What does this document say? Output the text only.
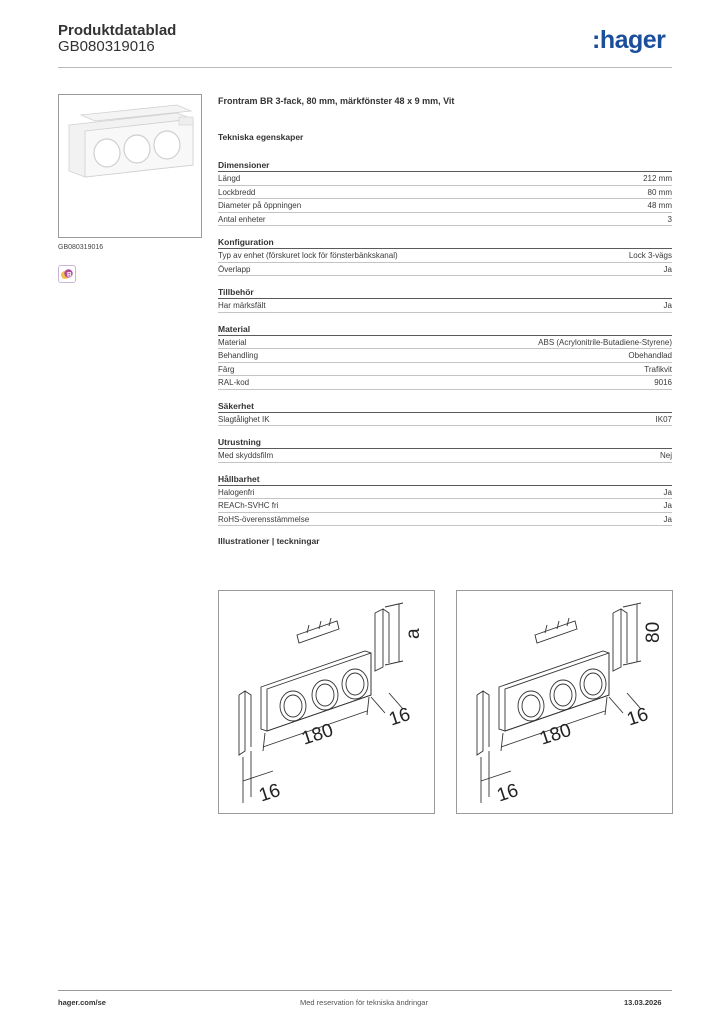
Produktdatablad
GB080319016	:hager
GB080319016
B
Frontram BR 3-fack, 80 mm, märkfönster 48 x 9 mm, Vit
Tekniska egenskaper
Dimensioner
Längd	212 mm
Lockbredd	80 mm
Diameter på öppningen	48 mm
Antal enheter	3
Konfiguration
Typ av enhet (förskuret lock för fönsterbänkskanal)	Lock 3-vägs
Överlapp	Ja
Tillbehör
Har märksfält	Ja
Material
Material	ABS (Acrylonitrile-Butadiene-Styrene)
Behandling	Obehandlad
Färg	Trafikvit
RAL-kod	9016
Säkerhet
Slagtålighet IK	IK07
Utrustning
Med skyddsfilm	Nej
Hållbarhet
Halogenfri	Ja
REACh-SVHC fri	Ja
RoHS-överensstämmelse	Ja
Illustrationer | teckningar
a
180
16
16
80
180
16
16
hager.com/se	Med reservation för tekniska ändringar	13.03.2026
